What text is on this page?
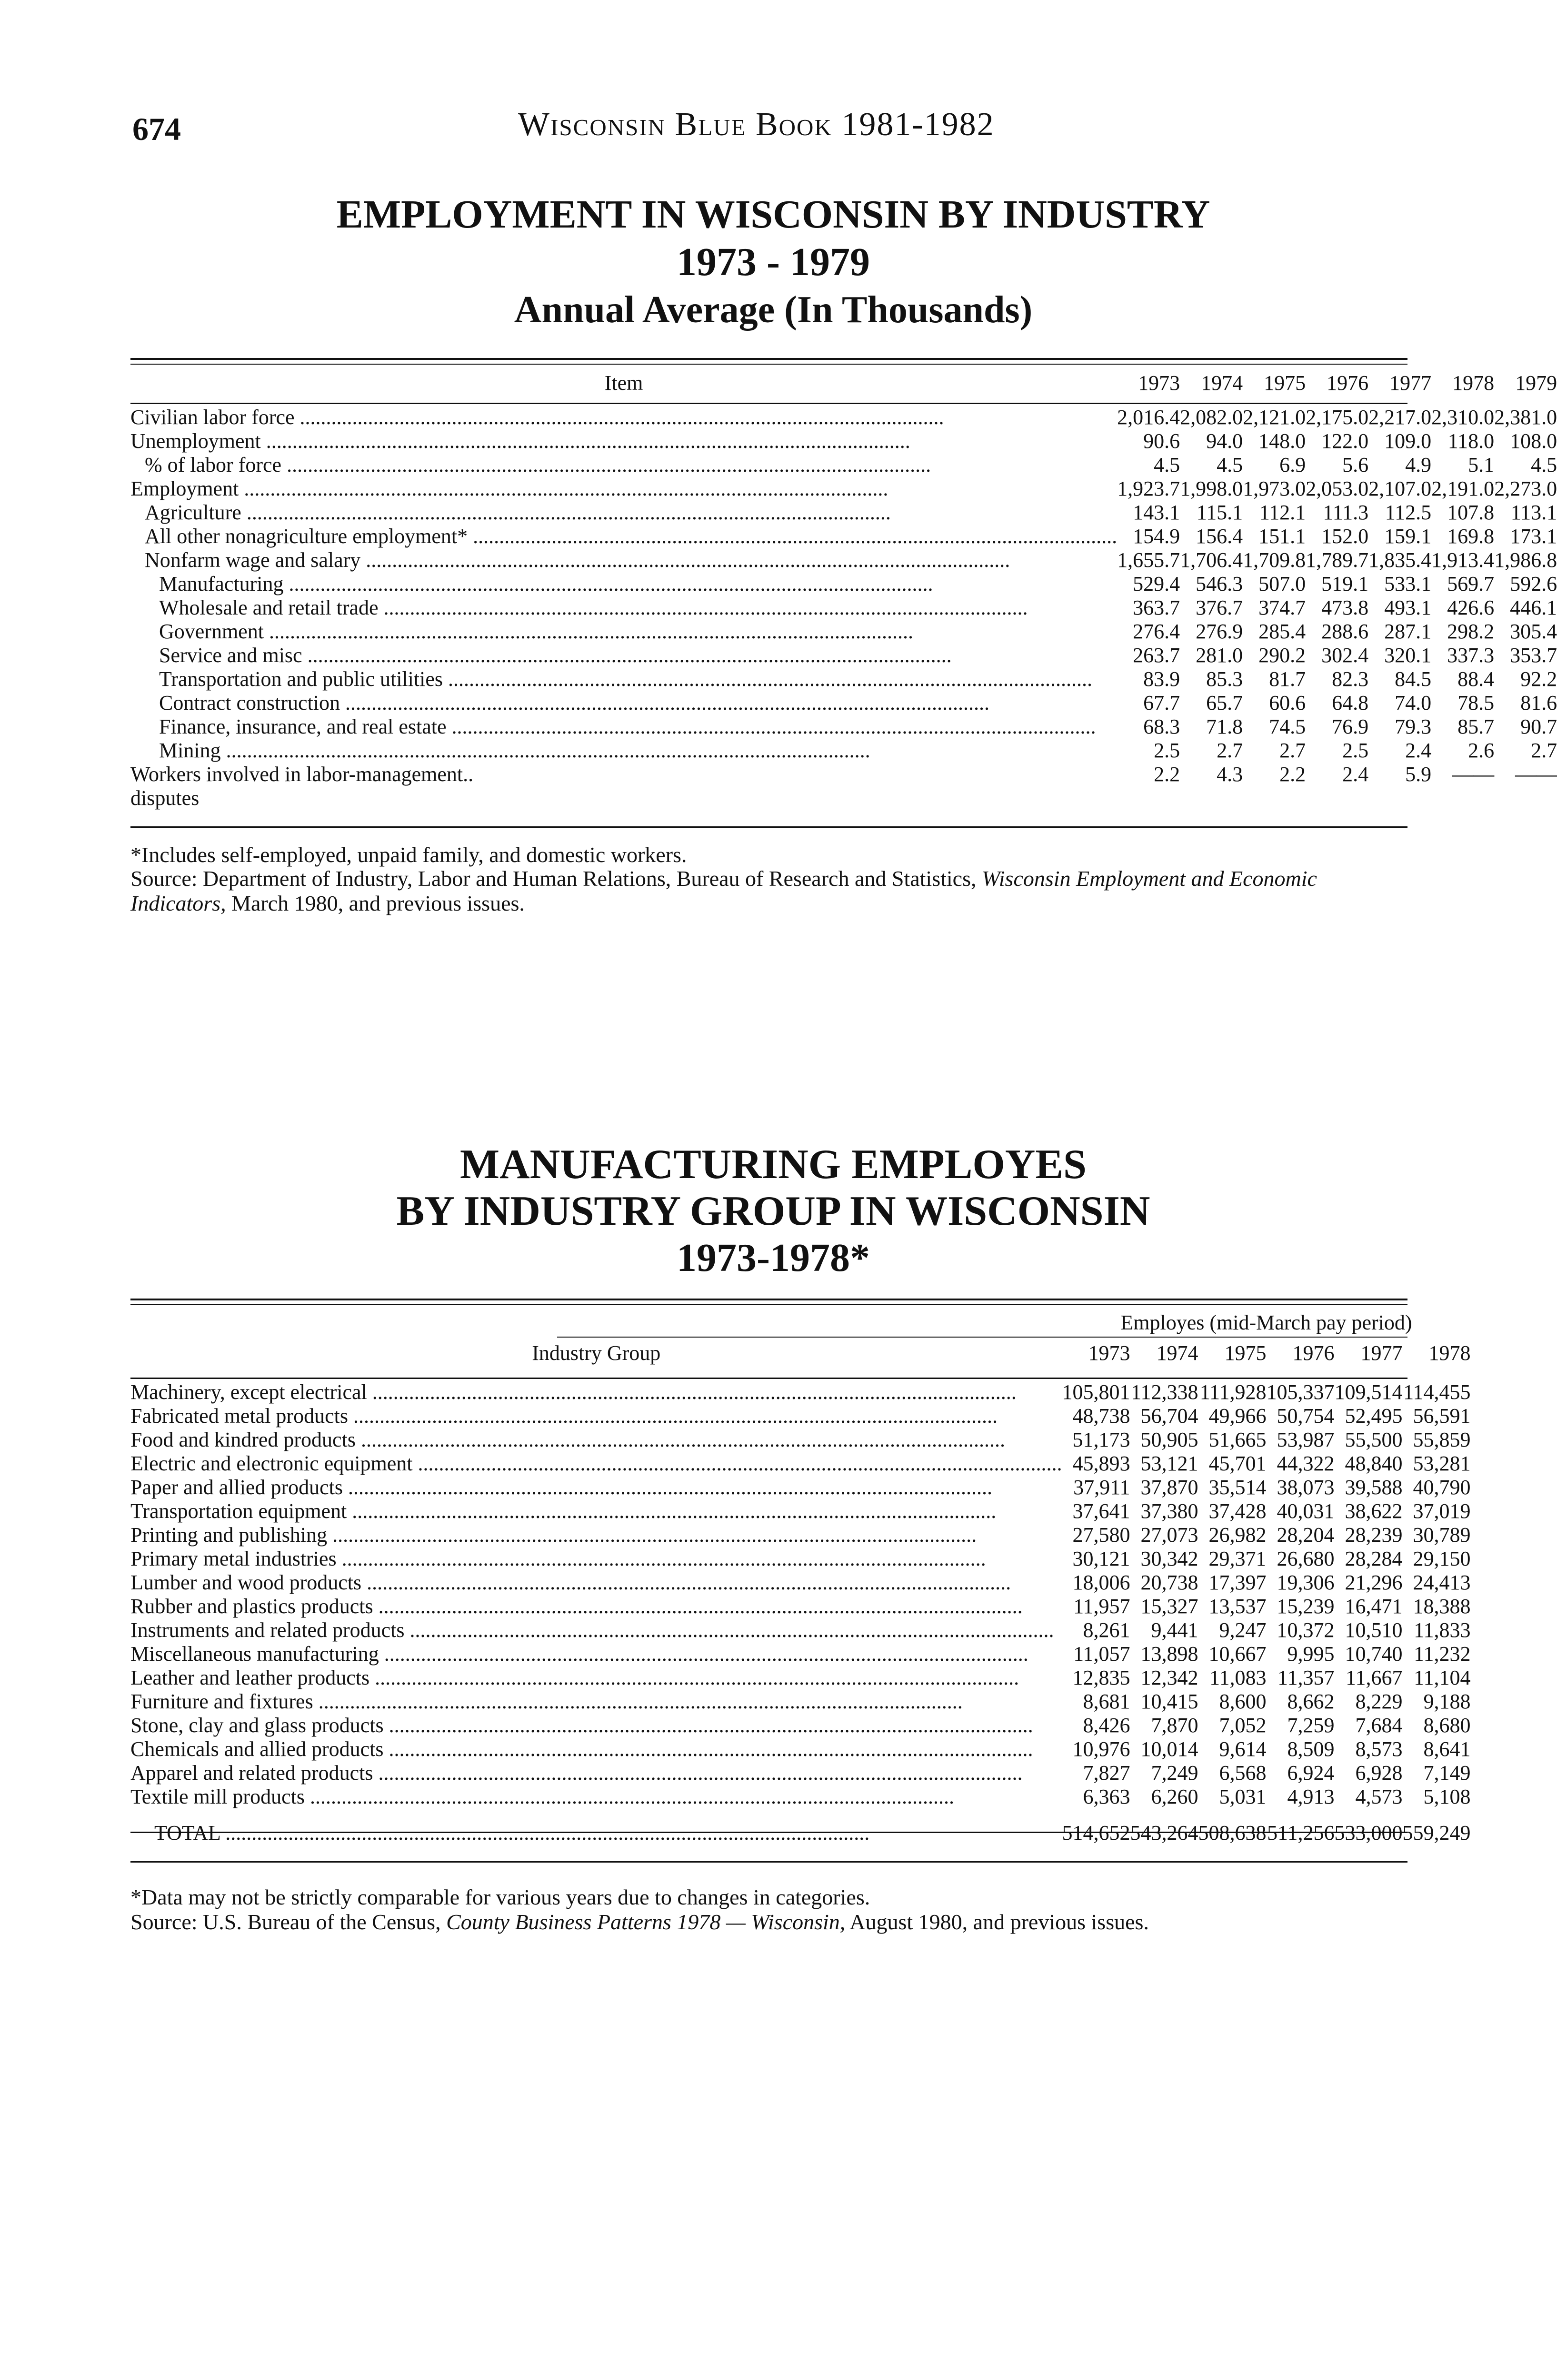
674	Wisconsin Blue Book 1981-1982
EMPLOYMENT IN WISCONSIN BY INDUSTRY
1973 - 1979
Annual Average (In Thousands)
Item	1973	1974	1975	1976	1977	1978	1979

Civilian labor force .....	2,016.4	2,082.0	2,121.0	2,175.0	2,217.0	2,310.0	2,381.0

Unemployment .....	90.6	94.0	148.0	122.0	109.0	118.0	108.0

% of labor force .....	4.5	4.5	6.9	5.6	4.9	5.1	4.5

Employment .....	1,923.7	1,998.0	1,973.0	2,053.0	2,107.0	2,191.0	2,273.0

Agriculture .....	143.1	115.1	112.1	111.3	112.5	107.8	113.1

All other nonagriculture employment* .....	154.9	156.4	151.1	152.0	159.1	169.8	173.1

Nonfarm wage and salary .....	1,655.7	1,706.4	1,709.8	1,789.7	1,835.4	1,913.4	1,986.8

Manufacturing .....	529.4	546.3	507.0	519.1	533.1	569.7	592.6

Wholesale and retail trade .....	363.7	376.7	374.7	473.8	493.1	426.6	446.1

Government .....	276.4	276.9	285.4	288.6	287.1	298.2	305.4

Service and misc .....	263.7	281.0	290.2	302.4	320.1	337.3	353.7

Transportation and public utilities .....	83.9	85.3	81.7	82.3	84.5	88.4	92.2

Contract construction .....	67.7	65.7	60.6	64.8	74.0	78.5	81.6

Finance, insurance, and real estate .....	68.3	71.8	74.5	76.9	79.3	85.7	90.7

Mining .....	2.5	2.7	2.7	2.5	2.4	2.6	2.7

Workers involved in labor-management..	2.2	4.3	2.2	2.4	5.9	——	——

disputes							

*Includes self-employed, unpaid family, and domestic workers.
Source: Department of Industry, Labor and Human Relations, Bureau of Research and Statistics, Wisconsin Employment and Economic Indicators, March 1980, and previous issues.
MANUFACTURING EMPLOYES
BY INDUSTRY GROUP IN WISCONSIN
1973-1978*
	Employes (mid-March pay period)					
Industry Group	1973	1974	1975	1976	1977	1978

Machinery, except electrical .....	105,801	112,338	111,928	105,337	109,514	114,455

Fabricated metal products .....	48,738	56,704	49,966	50,754	52,495	56,591

Food and kindred products .....	51,173	50,905	51,665	53,987	55,500	55,859

Electric and electronic equipment .....	45,893	53,121	45,701	44,322	48,840	53,281

Paper and allied products .....	37,911	37,870	35,514	38,073	39,588	40,790

Transportation equipment .....	37,641	37,380	37,428	40,031	38,622	37,019

Printing and publishing .....	27,580	27,073	26,982	28,204	28,239	30,789

Primary metal industries .....	30,121	30,342	29,371	26,680	28,284	29,150

Lumber and wood products .....	18,006	20,738	17,397	19,306	21,296	24,413

Rubber and plastics products .....	11,957	15,327	13,537	15,239	16,471	18,388

Instruments and related products .....	8,261	9,441	9,247	10,372	10,510	11,833

Miscellaneous manufacturing .....	11,057	13,898	10,667	9,995	10,740	11,232

Leather and leather products .....	12,835	12,342	11,083	11,357	11,667	11,104

Furniture and fixtures .....	8,681	10,415	8,600	8,662	8,229	9,188

Stone, clay and glass products .....	8,426	7,870	7,052	7,259	7,684	8,680

Chemicals and allied products .....	10,976	10,014	9,614	8,509	8,573	8,641

Apparel and related products .....	7,827	7,249	6,568	6,924	6,928	7,149

Textile mill products .....	6,363	6,260	5,031	4,913	4,573	5,108

TOTAL .....	514,652	543,264	508,638	511,256	533,000	559,249
*Data may not be strictly comparable for various years due to changes in categories.
Source: U.S. Bureau of the Census, County Business Patterns 1978 — Wisconsin, August 1980, and previous issues.
